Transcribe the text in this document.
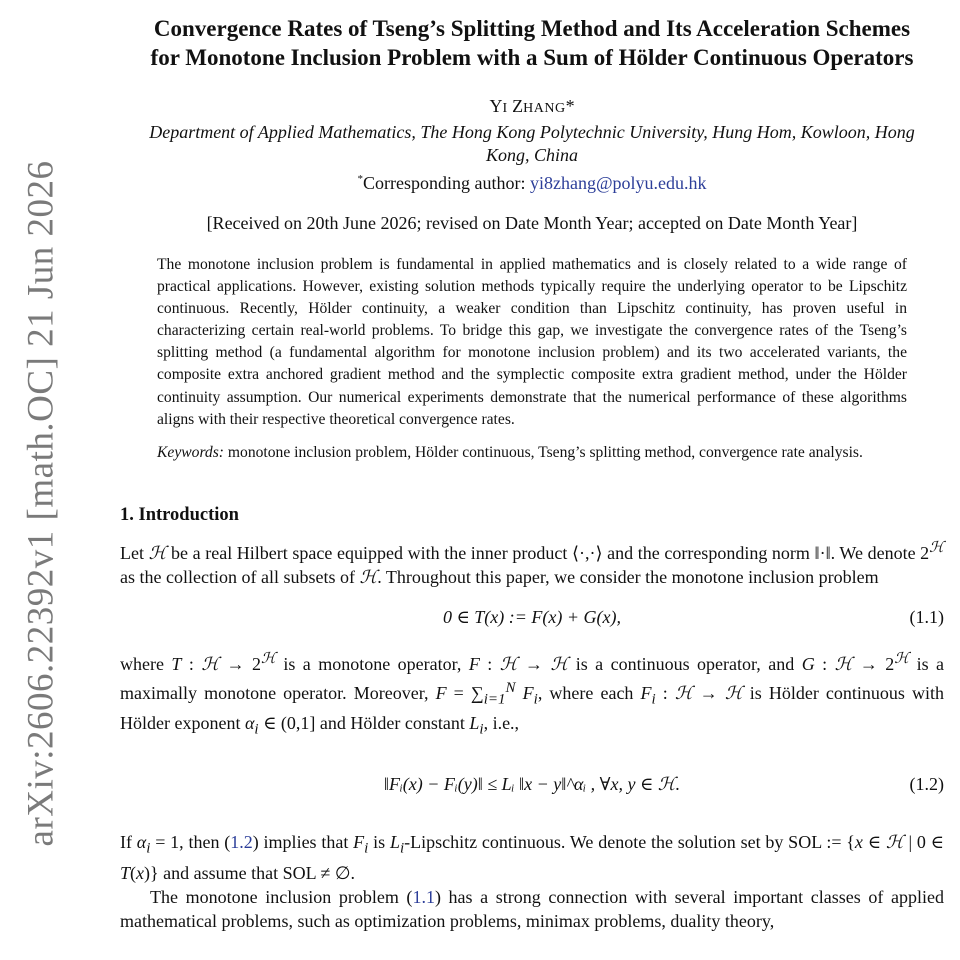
arXiv:2606.22392v1 [math.OC] 21 Jun 2026
Convergence Rates of Tseng’s Splitting Method and Its Acceleration Schemes
for Monotone Inclusion Problem with a Sum of Hölder Continuous Operators
YI ZHANG*
Department of Applied Mathematics, The Hong Kong Polytechnic University, Hung Hom, Kowloon, Hong Kong, China
*Corresponding author: yi8zhang@polyu.edu.hk
[Received on 20th June 2026; revised on Date Month Year; accepted on Date Month Year]
The monotone inclusion problem is fundamental in applied mathematics and is closely related to a wide range of practical applications. However, existing solution methods typically require the underlying operator to be Lipschitz continuous. Recently, Hölder continuity, a weaker condition than Lipschitz continuity, has proven useful in characterizing certain real-world problems. To bridge this gap, we investigate the convergence rates of the Tseng’s splitting method (a fundamental algorithm for monotone inclusion problem) and its two accelerated variants, the composite extra anchored gradient method and the symplectic composite extra gradient method, under the Hölder continuity assumption. Our numerical experiments demonstrate that the numerical performance of these algorithms aligns with their respective theoretical convergence rates.
Keywords: monotone inclusion problem, Hölder continuous, Tseng’s splitting method, convergence rate analysis.
1. Introduction
Let ℋ be a real Hilbert space equipped with the inner product ⟨·,·⟩ and the corresponding norm ‖·‖. We denote $2^ℋ$ as the collection of all subsets of ℋ. Throughout this paper, we consider the monotone inclusion problem
0 ∈ T(x) := F(x) + G(x),	(1.1)
where T : ℋ → $2^ℋ$ is a monotone operator, F : ℋ → ℋ is a continuous operator, and G : ℋ → $2^ℋ$ is a maximally monotone operator. Moreover, $F = \sum_{i=1}^N$ $F_i$, where each $F_i$ : ℋ → ℋ is Hölder continuous with Hölder exponent $\alpha_i$ ∈ (0,1] and Hölder constant $L_i$, i.e.,
‖Fᵢ(x) − Fᵢ(y)‖ ≤ Lᵢ ‖x − y‖^αᵢ , ∀x, y ∈ ℋ.	(1.2)
If $\alpha_i = 1$, then (1.2) implies that $F_i$ is $L_i$-Lipschitz continuous. We denote the solution set by SOL := {x ∈ ℋ | 0 ∈ T(x)} and assume that SOL ≠ ∅.
The monotone inclusion problem (1.1) has a strong connection with several important classes of applied mathematical problems, such as optimization problems, minimax problems, duality theory,
